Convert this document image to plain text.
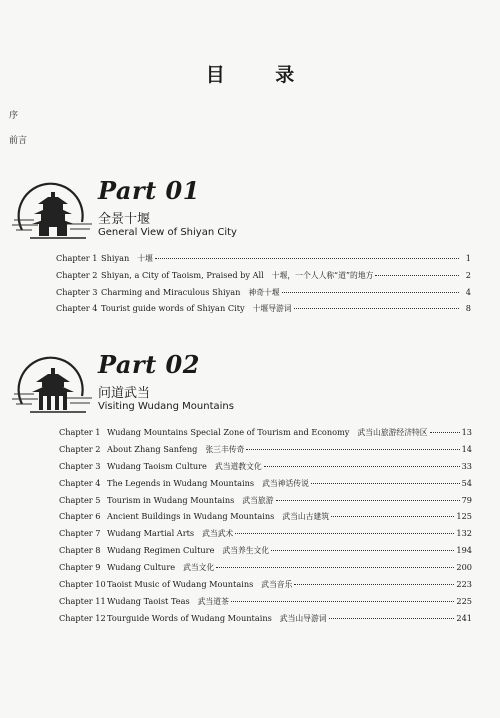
目 录
序
前言
Part 01
全景十堰
General View of Shiyan City
Chapter 1 Shiyan	十堰	1
Chapter 2 Shiyan, a City of Taoism, Praised by All	十堰，一个人人称“道”的地方	2
Chapter 3 Charming and Miraculous Shiyan	神奇十堰	4
Chapter 4 Tourist guide words of Shiyan City	十堰导游词	8
Part 02
问道武当
Visiting Wudang Mountains
Chapter 1 Wudang Mountains Special Zone of Tourism and Economy	武当山旅游经济特区	13
Chapter 2 About Zhang Sanfeng	张三丰传奇	14
Chapter 3 Wudang Taoism Culture	武当道教文化	33
Chapter 4 The Legends in Wudang Mountains	武当神话传说	54
Chapter 5 Tourism in Wudang Mountains	武当旅游	79
Chapter 6 Ancient Buildings in Wudang Mountains	武当山古建筑	125
Chapter 7 Wudang Martial Arts	武当武术	132
Chapter 8 Wudang Regimen Culture	武当养生文化	194
Chapter 9 Wudang Culture	武当文化	200
Chapter 10 Taoist Music of Wudang Mountains	武当音乐	223
Chapter 11 Wudang Taoist Teas	武当道茶	225
Chapter 12 Tourguide Words of Wudang Mountains	武当山导游词	241
